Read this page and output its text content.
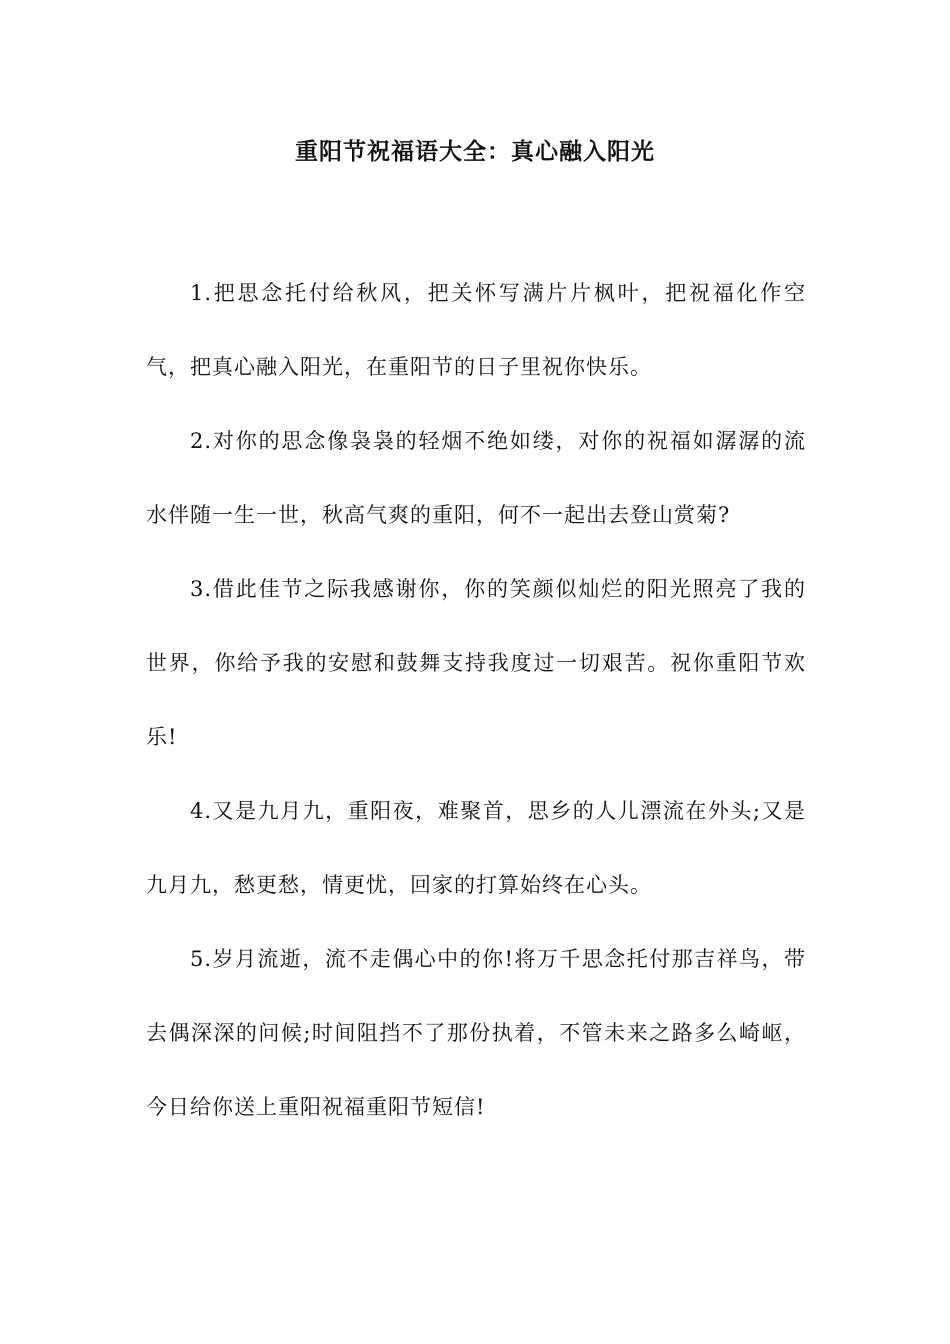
重阳节祝福语大全：真心融入阳光

1.把思念托付给秋风，把关怀写满片片枫叶，把祝福化作空气，把真心融入阳光，在重阳节的日子里祝你快乐。

2.对你的思念像袅袅的轻烟不绝如缕，对你的祝福如潺潺的流水伴随一生一世，秋高气爽的重阳，何不一起出去登山赏菊?

3.借此佳节之际我感谢你，你的笑颜似灿烂的阳光照亮了我的世界，你给予我的安慰和鼓舞支持我度过一切艰苦。祝你重阳节欢乐!

4.又是九月九，重阳夜，难聚首，思乡的人儿漂流在外头;又是九月九，愁更愁，情更忧，回家的打算始终在心头。

5.岁月流逝，流不走偶心中的你!将万千思念托付那吉祥鸟，带去偶深深的问候;时间阻挡不了那份执着，不管未来之路多么崎岖，今日给你送上重阳祝福重阳节短信!
